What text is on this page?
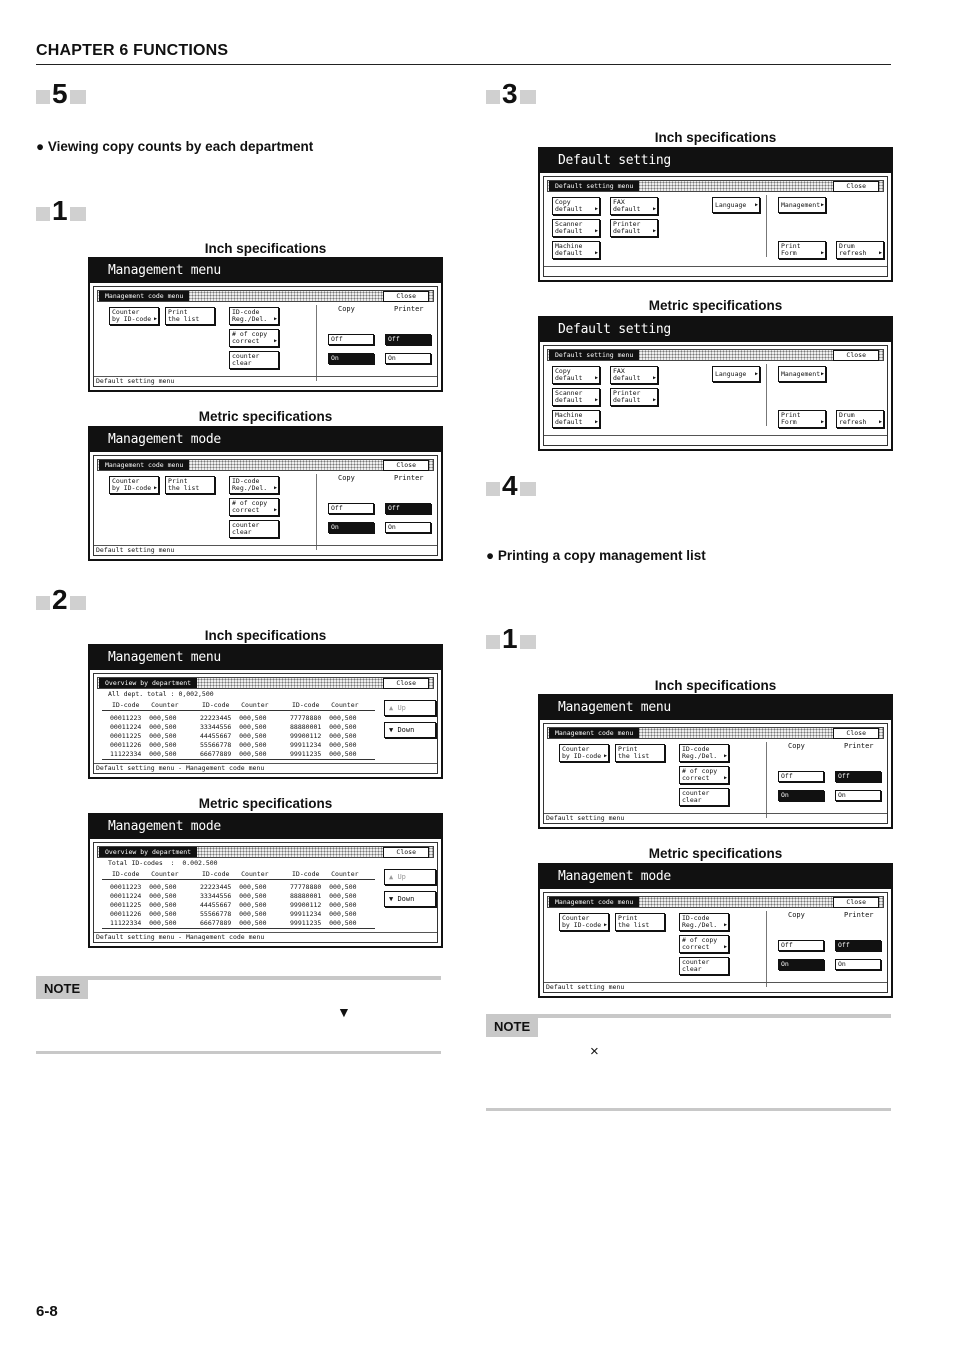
CHAPTER 6 FUNCTIONS
5
● Viewing copy counts by each department
1
Inch specifications
Management menu
Management code menu	Close
Counter
by ID-code ▶
Print
the list
ID-code
Reg./Del. ▶
# of copy
correct ▶
counter
clear
Copy	Printer
Off
On
Off
On
Default setting menu
Metric specifications
Management mode
Management code menu	Close
Counter
by ID-code ▶
Print
the list
ID-code
Reg./Del. ▶
# of copy
correct ▶
counter
clear
Copy	Printer
Off
On
Off
On
Default setting menu
2
Inch specifications
Management menu
Overview by department	Close
All dept. total : 0,002,500
ID-code   Counter      ID-code   Counter      ID-code   Counter
00011223  000,500      22223445  000,500      77778880  000,500
00011224  000,500      33344556  000,500      88880001  000,500
00011225  000,500      44455667  000,500      99900112  000,500
00011226  000,500      55566778  000,500      99911234  000,500
11122334  000,500      66677889  000,500      99911235  000,500
▲ Up
▼ Down
Default setting menu - Management code menu
Metric specifications
Management mode
Overview by department	Close
Total ID-codes  :  0.002.500
ID-code   Counter      ID-code   Counter      ID-code   Counter
00011223  000,500      22223445  000,500      77778880  000,500
00011224  000,500      33344556  000,500      88880001  000,500
00011225  000,500      44455667  000,500      99900112  000,500
00011226  000,500      55566778  000,500      99911234  000,500
11122334  000,500      66677889  000,500      99911235  000,500
▲ Up
▼ Down
Default setting menu - Management code menu
NOTE
▼
3
Inch specifications
Default setting
Default setting menu	Close
Copy
default ▶
FAX
default ▶
Scanner
default ▶
Printer
default ▶
Machine
default ▶
Language ▶	Management ▶
Print
Form ▶
Drum
refresh ▶
Metric specifications
Default setting
Default setting menu	Close
Copy
default ▶
FAX
default ▶
Scanner
default ▶
Printer
default ▶
Machine
default ▶
Language ▶	Management ▶
Print
Form ▶
Drum
refresh ▶
4
● Printing a copy management list
1
Inch specifications
Management menu
Management code menu	Close
Counter
by ID-code ▶
Print
the list
ID-code
Reg./Del. ▶
# of copy
correct ▶
counter
clear
Copy	Printer
Off
On
Off
On
Default setting menu
Metric specifications
Management mode
Management code menu	Close
Counter
by ID-code ▶
Print
the list
ID-code
Reg./Del. ▶
# of copy
correct ▶
counter
clear
Copy	Printer
Off
On
Off
On
Default setting menu
NOTE
×
6-8
